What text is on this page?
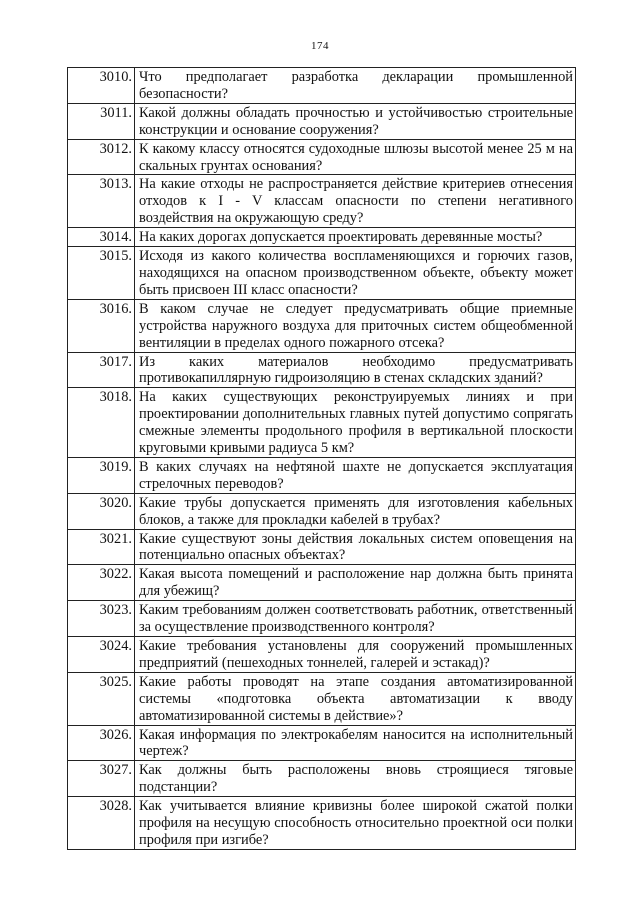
174
3010.	Что предполагает разработка декларации промышленной безопасности?
3011.	Какой должны обладать прочностью и устойчивостью строительные конструкции и основание сооружения?
3012.	К какому классу относятся судоходные шлюзы высотой менее 25 м на скальных грунтах основания?
3013.	На какие отходы не распространяется действие критериев отнесения отходов к I - V классам опасности по степени негативного воздействия на окружающую среду?
3014.	На каких дорогах допускается проектировать деревянные мосты?
3015.	Исходя из какого количества воспламеняющихся и горючих газов, находящихся на опасном производственном объекте, объекту может быть присвоен III класс опасности?
3016.	В каком случае не следует предусматривать общие приемные устройства наружного воздуха для приточных систем общеобменной вентиляции в пределах одного пожарного отсека?
3017.	Из каких материалов необходимо предусматривать противокапиллярную гидроизоляцию в стенах складских зданий?
3018.	На каких существующих реконструируемых линиях и при проектировании дополнительных главных путей допустимо сопрягать смежные элементы продольного профиля в вертикальной плоскости круговыми кривыми радиуса 5 км?
3019.	В каких случаях на нефтяной шахте не допускается эксплуатация стрелочных переводов?
3020.	Какие трубы допускается применять для изготовления кабельных блоков, а также для прокладки кабелей в трубах?
3021.	Какие существуют зоны действия локальных систем оповещения на потенциально опасных объектах?
3022.	Какая высота помещений и расположение нар должна быть принята для убежищ?
3023.	Каким требованиям должен соответствовать работник, ответственный за осуществление производственного контроля?
3024.	Какие требования установлены для сооружений промышленных предприятий (пешеходных тоннелей, галерей и эстакад)?
3025.	Какие работы проводят на этапе создания автоматизированной системы «подготовка объекта автоматизации к вводу автоматизированной системы в действие»?
3026.	Какая информация по электрокабелям наносится на исполнительный чертеж?
3027.	Как должны быть расположены вновь строящиеся тяговые подстанции?
3028.	Как учитывается влияние кривизны более широкой сжатой полки профиля на несущую способность относительно проектной оси полки профиля при изгибе?
